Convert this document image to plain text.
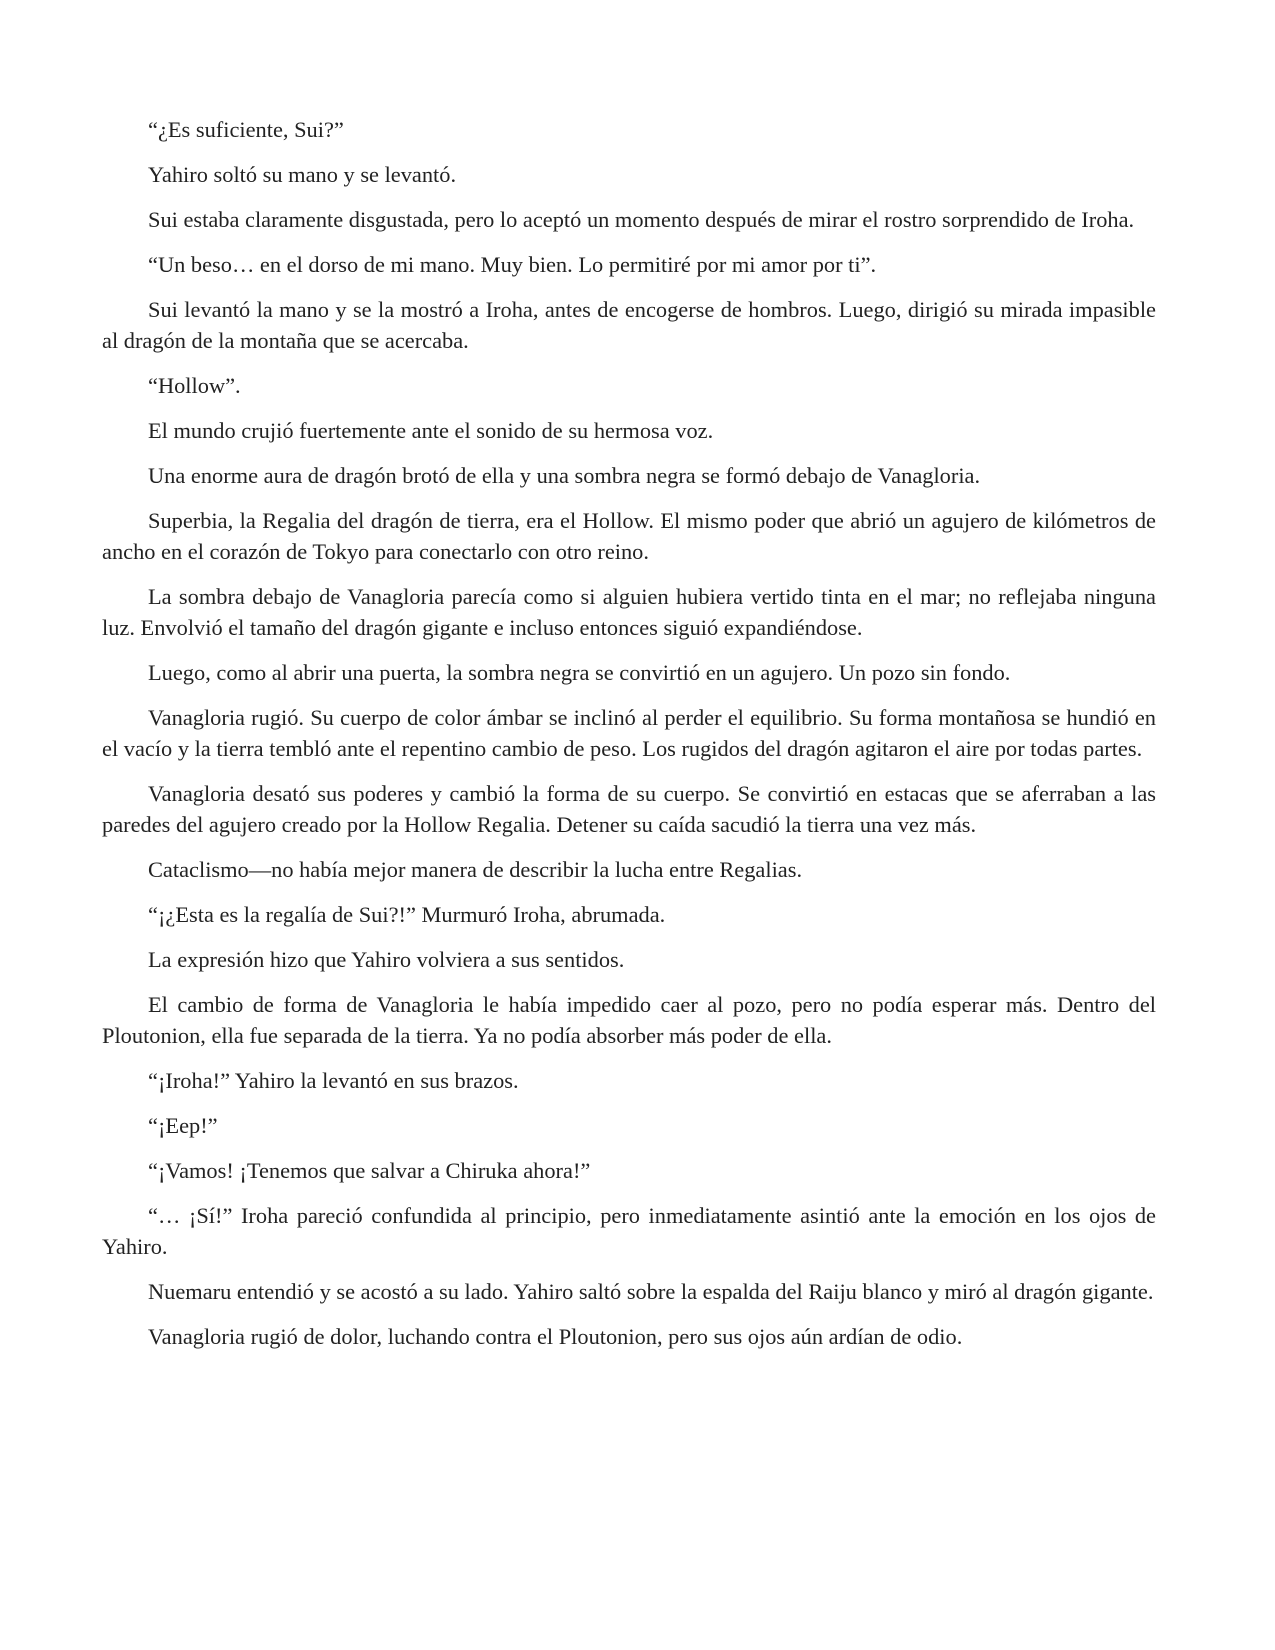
“¿Es suficiente, Sui?”

Yahiro soltó su mano y se levantó.

Sui estaba claramente disgustada, pero lo aceptó un momento después de mirar el rostro sorprendido de Iroha.

“Un beso… en el dorso de mi mano. Muy bien. Lo permitiré por mi amor por ti”.

Sui levantó la mano y se la mostró a Iroha, antes de encogerse de hombros. Luego, dirigió su mirada impasible al dragón de la montaña que se acercaba.

“Hollow”.

El mundo crujió fuertemente ante el sonido de su hermosa voz.

Una enorme aura de dragón brotó de ella y una sombra negra se formó debajo de Vanagloria.

Superbia, la Regalia del dragón de tierra, era el Hollow. El mismo poder que abrió un agujero de kilómetros de ancho en el corazón de Tokyo para conectarlo con otro reino.

La sombra debajo de Vanagloria parecía como si alguien hubiera vertido tinta en el mar; no reflejaba ninguna luz. Envolvió el tamaño del dragón gigante e incluso entonces siguió expandiéndose.

Luego, como al abrir una puerta, la sombra negra se convirtió en un agujero. Un pozo sin fondo.

Vanagloria rugió. Su cuerpo de color ámbar se inclinó al perder el equilibrio. Su forma montañosa se hundió en el vacío y la tierra tembló ante el repentino cambio de peso. Los rugidos del dragón agitaron el aire por todas partes.

Vanagloria desató sus poderes y cambió la forma de su cuerpo. Se convirtió en estacas que se aferraban a las paredes del agujero creado por la Hollow Regalia. Detener su caída sacudió la tierra una vez más.

Cataclismo—no había mejor manera de describir la lucha entre Regalias.

“¡¿Esta es la regalía de Sui?!” Murmuró Iroha, abrumada.

La expresión hizo que Yahiro volviera a sus sentidos.

El cambio de forma de Vanagloria le había impedido caer al pozo, pero no podía esperar más. Dentro del Ploutonion, ella fue separada de la tierra. Ya no podía absorber más poder de ella.

“¡Iroha!” Yahiro la levantó en sus brazos.

“¡Eep!”

“¡Vamos! ¡Tenemos que salvar a Chiruka ahora!”

“… ¡Sí!” Iroha pareció confundida al principio, pero inmediatamente asintió ante la emoción en los ojos de Yahiro.

Nuemaru entendió y se acostó a su lado. Yahiro saltó sobre la espalda del Raiju blanco y miró al dragón gigante.

Vanagloria rugió de dolor, luchando contra el Ploutonion, pero sus ojos aún ardían de odio.
